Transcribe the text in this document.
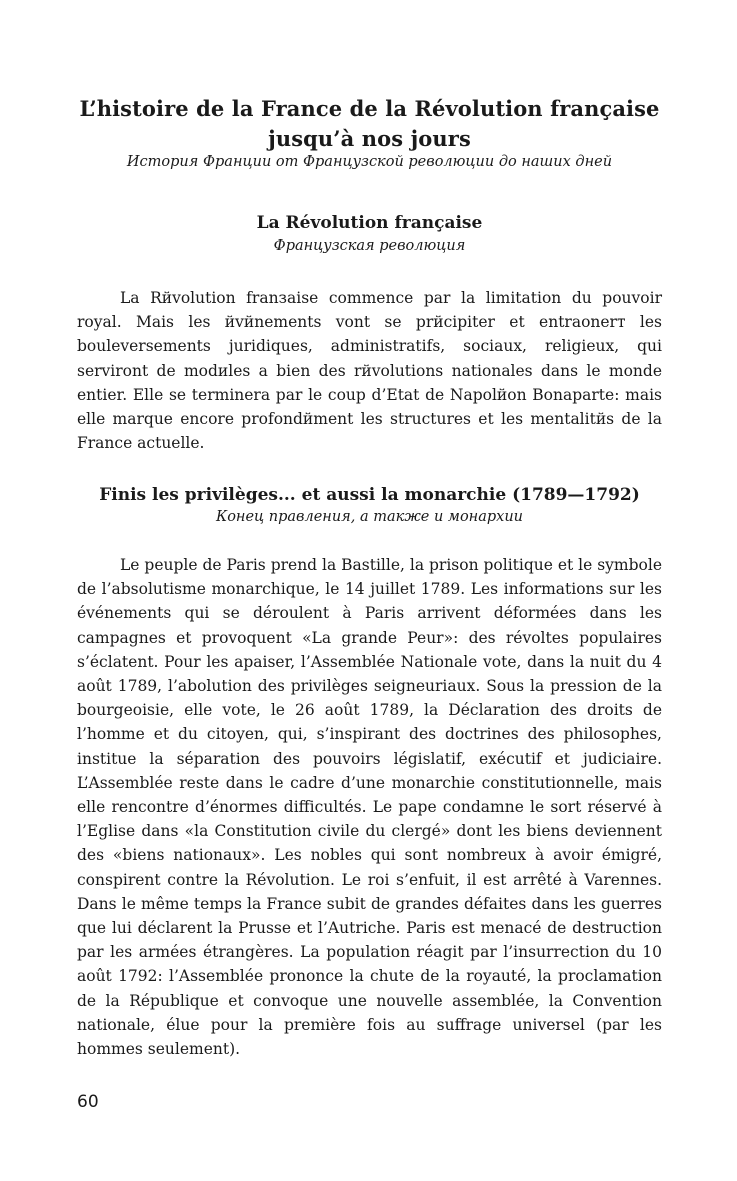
L’histoire de la France de la Révolution française jusqu’à nos jours
История Франции от Французской революции до наших дней
La Révolution française
Французская революция

La Rйvolution franзaise commence par la limitation du pouvoir royal. Mais les йvйnements vont se prйcipiter et entraоnerт les bouleversements juridiques, administratifs, sociaux, religieux, qui serviront de modиles a bien des rйvolutions nationales dans le monde entier. Elle se terminera par le coup d’Etat de Napolйon Bonaparte: mais elle marque encore profondйment les structures et les mentalitйs de la France actuelle.

Finis les privilèges... et aussi la monarchie (1789—1792)
Конец правления, а также и монархии

Le peuple de Paris prend la Bastille, la prison politique et le symbole de l’absolutisme monarchique, le 14 juillet 1789. Les informations sur les événements qui se déroulent à Paris arrivent déformées dans les campagnes et provoquent «La grande Peur»: des révoltes populaires s’éclatent. Pour les apaiser, l’Assemblée Nationale vote, dans la nuit du 4 août 1789, l’abolution des privilèges seigneuriaux. Sous la pression de la bourgeoisie, elle vote, le 26 août 1789, la Déclaration des droits de l’homme et du citoyen, qui, s’inspirant des doctrines des philosophes, institue la séparation des pouvoirs législatif, exécutif et judiciaire. L’Assemblée reste dans le cadre d’une monarchie constitutionnelle, mais elle rencontre d’énormes difficultés. Le pape condamne le sort réservé à l’Eglise dans «la Constitution civile du clergé» dont les biens deviennent des «biens nationaux». Les nobles qui sont nombreux à avoir émigré, conspirent contre la Révolution. Le roi s’enfuit, il est arrêté à Varennes. Dans le même temps la France subit de grandes défaites dans les guerres que lui déclarent la Prusse et l’Autriche. Paris est menacé de destruction par les armées étrangères. La population réagit par l’insurrection du 10 août 1792: l’Assemblée prononce la chute de la royauté, la proclamation de la République et convoque une nouvelle assemblée, la Convention nationale, élue pour la première fois au suffrage universel (par les hommes seulement).

60
